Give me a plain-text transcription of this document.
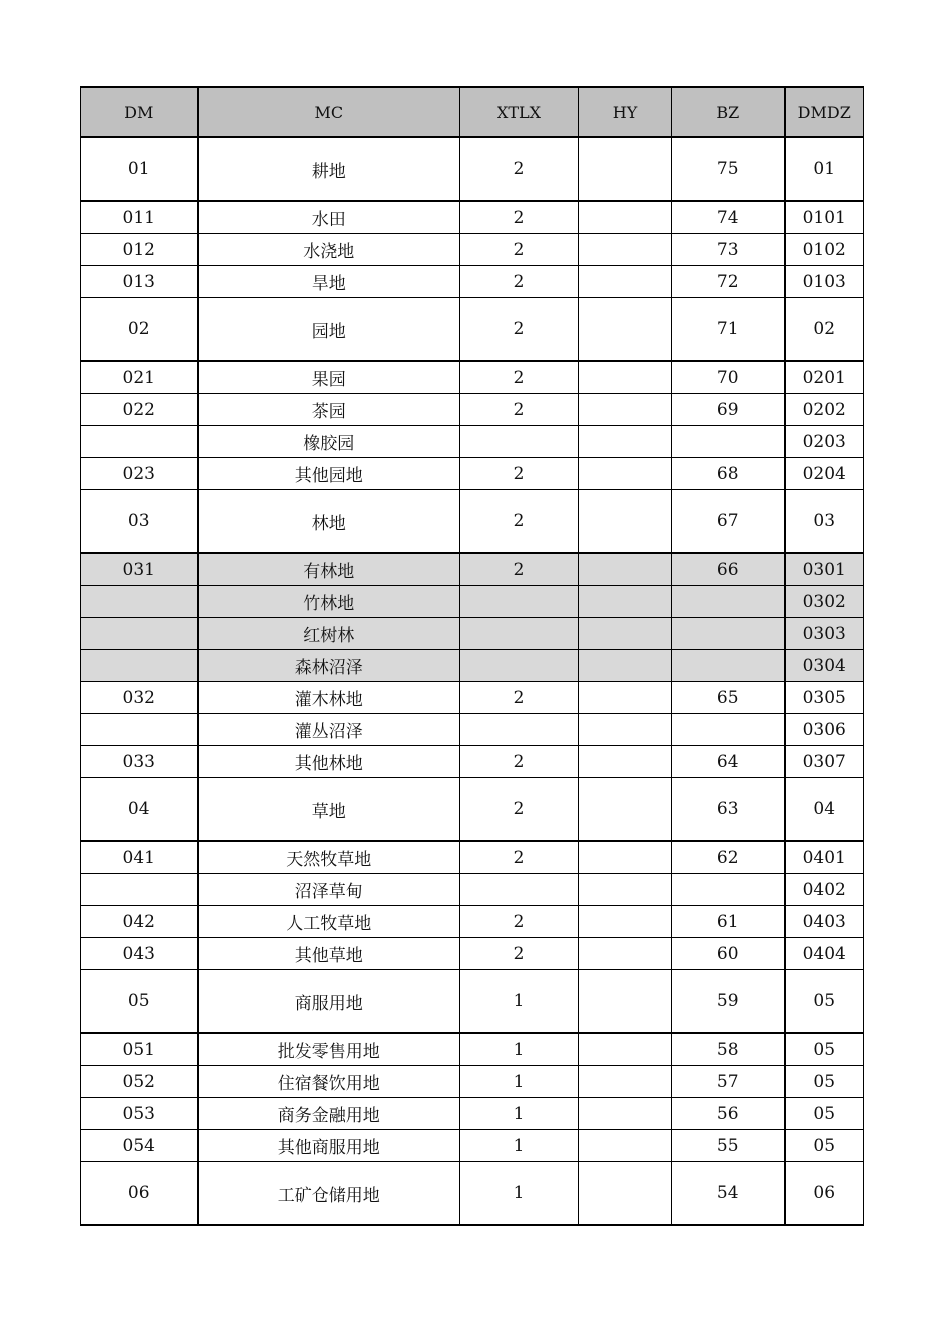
DM	MC	XTLX	HY	BZ	DMDZ
01	耕地	2		75	01
011	水田	2		74	0101
012	水浇地	2		73	0102
013	旱地	2		72	0103
02	园地	2		71	02
021	果园	2		70	0201
022	茶园	2		69	0202
	橡胶园				0203
023	其他园地	2		68	0204
03	林地	2		67	03
031	有林地	2		66	0301
	竹林地				0302
	红树林				0303
	森林沼泽				0304
032	灌木林地	2		65	0305
	灌丛沼泽				0306
033	其他林地	2		64	0307
04	草地	2		63	04
041	天然牧草地	2		62	0401
	沼泽草甸				0402
042	人工牧草地	2		61	0403
043	其他草地	2		60	0404
05	商服用地	1		59	05
051	批发零售用地	1		58	05
052	住宿餐饮用地	1		57	05
053	商务金融用地	1		56	05
054	其他商服用地	1		55	05
06	工矿仓储用地	1		54	06
